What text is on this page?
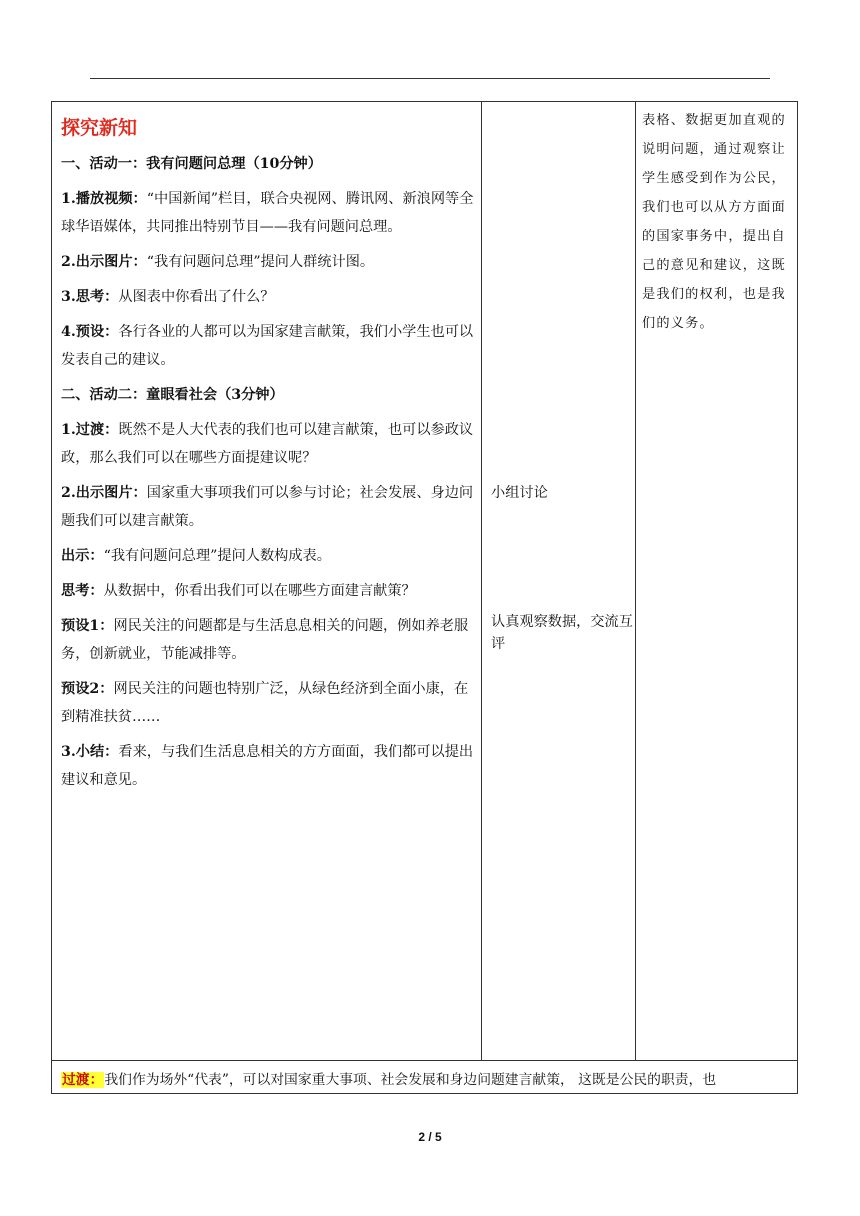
探究新知

一、活动一：我有问题问总理（10分钟）

1.播放视频：“中国新闻”栏目，联合央视网、腾讯网、新浪网等全球华语媒体，共同推出特别节目——我有问题问总理。

2.出示图片：“我有问题问总理”提问人群统计图。

3.思考：从图表中你看出了什么？

4.预设：各行各业的人都可以为国家建言献策，我们小学生也可以发表自己的建议。

二、活动二：童眼看社会（3分钟）

1.过渡：既然不是人大代表的我们也可以建言献策，也可以参政议政，那么我们可以在哪些方面提建议呢？

2.出示图片：国家重大事项我们可以参与讨论；社会发展、身边问题我们可以建言献策。

出示：“我有问题问总理”提问人数构成表。

思考：从数据中，你看出我们可以在哪些方面建言献策？

预设1：网民关注的问题都是与生活息息相关的问题，例如养老服务，创新就业，节能减排等。

预设2：网民关注的问题也特别广泛，从绿色经济到全面小康，在到精准扶贫……

3.小结：看来，与我们生活息息相关的方方面面，我们都可以提出建议和意见。

小组讨论
认真观察数据，交流互评
表格、数据更加直观的说明问题，通过观察让学生感受到作为公民，我们也可以从方方面面的国家事务中，提出自己的意见和建议，这既是我们的权利，也是我们的义务。
过渡：我们作为场外“代表”，可以对国家重大事项、社会发展和身边问题建言献策， 这既是公民的职责，也
2 / 5
